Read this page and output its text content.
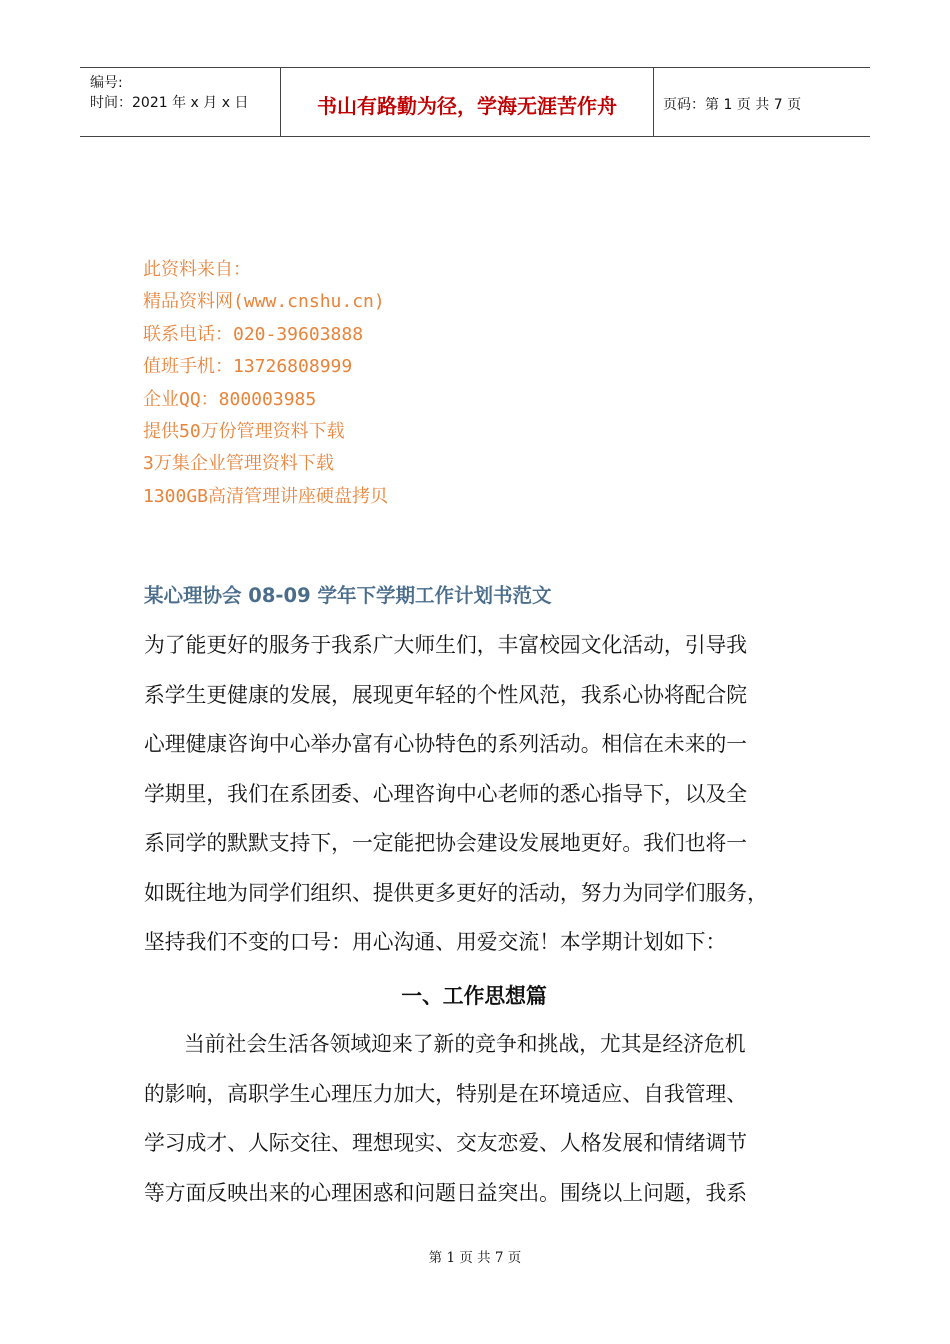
编号:
时间：2021 年 x 月 x 日	书山有路勤为径，学海无涯苦作舟	页码：第 1 页 共 7 页
此资料来自：
精品资料网(www.cnshu.cn)
联系电话：020-39603888
值班手机：13726808999
企业QQ：800003985
提供50万份管理资料下载
3万集企业管理资料下载
1300GB高清管理讲座硬盘拷贝
某心理协会 08-09 学年下学期工作计划书范文

为了能更好的服务于我系广大师生们，丰富校园文化活动，引导我
系学生更健康的发展，展现更年轻的个性风范，我系心协将配合院
心理健康咨询中心举办富有心协特色的系列活动。相信在未来的一
学期里，我们在系团委、心理咨询中心老师的悉心指导下，以及全
系同学的默默支持下，一定能把协会建设发展地更好。我们也将一
如既往地为同学们组织、提供更多更好的活动，努力为同学们服务，
坚持我们不变的口号：用心沟通、用爱交流！本学期计划如下：

一、工作思想篇

当前社会生活各领域迎来了新的竞争和挑战，尤其是经济危机
的影响，高职学生心理压力加大，特别是在环境适应、自我管理、
学习成才、人际交往、理想现实、交友恋爱、人格发展和情绪调节
等方面反映出来的心理困惑和问题日益突出。围绕以上问题，我系

第 1 页 共 7 页
